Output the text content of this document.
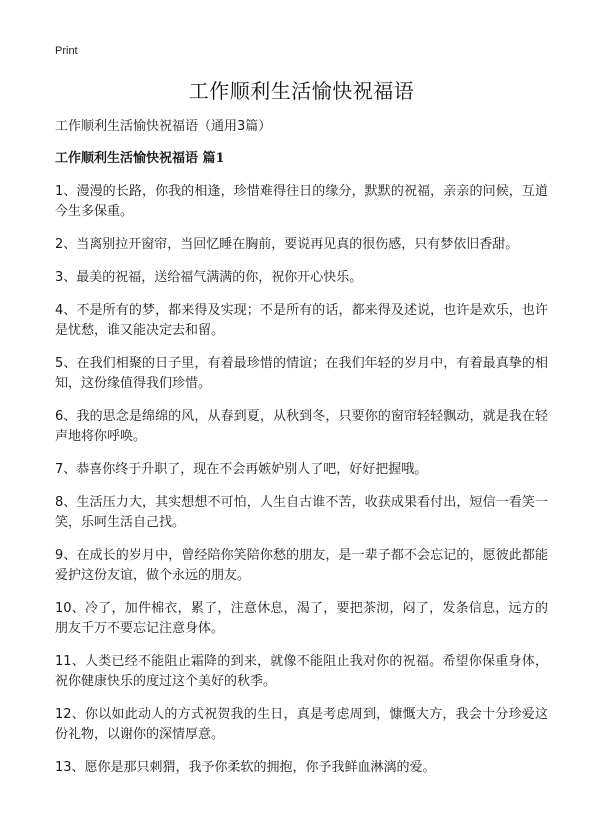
Print
工作顺利生活愉快祝福语
工作顺利生活愉快祝福语（通用3篇）
工作顺利生活愉快祝福语 篇1
1、漫漫的长路，你我的相逢，珍惜难得往日的缘分，默默的祝福，亲亲的问候，互道今生多保重。
2、当离别拉开窗帘，当回忆睡在胸前，要说再见真的很伤感，只有梦依旧香甜。
3、最美的祝福，送给福气满满的你，祝你开心快乐。
4、不是所有的梦，都来得及实现；不是所有的话，都来得及述说，也许是欢乐，也许是忧愁，谁又能决定去和留。
5、在我们相聚的日子里，有着最珍惜的情谊；在我们年轻的岁月中，有着最真挚的相知，这份缘值得我们珍惜。
6、我的思念是绵绵的风，从春到夏，从秋到冬，只要你的窗帘轻轻飘动，就是我在轻声地将你呼唤。
7、恭喜你终于升职了，现在不会再嫉妒别人了吧，好好把握哦。
8、生活压力大，其实想想不可怕，人生自古谁不苦，收获成果看付出，短信一看笑一笑，乐呵生活自己找。
9、在成长的岁月中，曾经陪你笑陪你愁的朋友，是一辈子都不会忘记的，愿彼此都能爱护这份友谊，做个永远的朋友。
10、冷了，加件棉衣，累了，注意休息，渴了，要把茶沏，闷了，发条信息，远方的朋友千万不要忘记注意身体。
11、人类已经不能阻止霜降的到来，就像不能阻止我对你的祝福。希望你保重身体，祝你健康快乐的度过这个美好的秋季。
12、你以如此动人的方式祝贺我的生日，真是考虑周到，慷慨大方，我会十分珍爱这份礼物，以谢你的深情厚意。
13、愿你是那只刺猬，我予你柔软的拥抱，你予我鲜血淋漓的爱。
